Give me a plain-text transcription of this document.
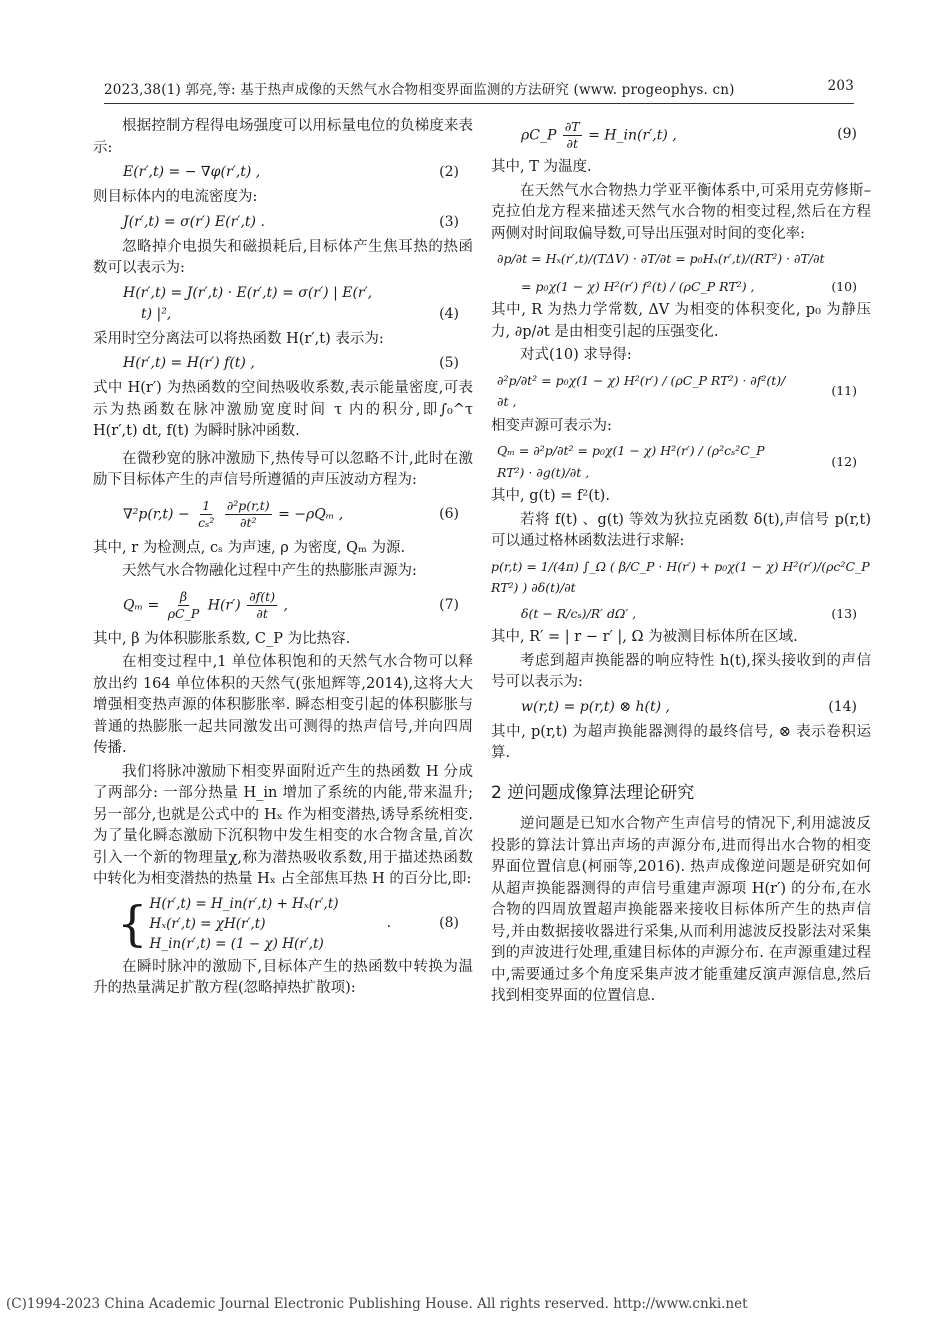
2023,38(1) 郭亮,等: 基于热声成像的天然气水合物相变界面监测的方法研究 (www. progeophys. cn)	203

根据控制方程得电场强度可以用标量电位的负梯度来表示:

E(r′,t) = − ∇φ(r′,t) ,	(2)

则目标体内的电流密度为:

J(r′,t) = σ(r′) E(r′,t) .	(3)

忽略掉介电损失和磁损耗后,目标体产生焦耳热的热函数可以表示为:

H(r′,t) = J(r′,t) · E(r′,t) = σ(r′) | E(r′,
t) |²,	(4)

采用时空分离法可以将热函数 H(r′,t) 表示为:

H(r′,t) = H(r′) f(t) ,	(5)

式中 H(r′) 为热函数的空间热吸收系数,表示能量密度,可表示为热函数在脉冲激励宽度时间 τ 内的积分,即∫₀^τ H(r′,t) dt, f(t) 为瞬时脉冲函数.

在微秒宽的脉冲激励下,热传导可以忽略不计,此时在激励下目标体产生的声信号所遵循的声压波动方程为:

$\nabla^2p(r,t) - \frac{1}{\text{cₛ²}}$
$\frac{\text{∂²p(r,t)}}{\text{∂t²}} = -\rho Q_m$ ,	(6)

其中, r 为检测点, cₛ 为声速, ρ 为密度, Qₘ 为源.

天然气水合物融化过程中产生的热膨胀声源为:

$Q_m = \frac{\beta}{\rho C\_P} H(r') \frac{\partial f(t)}{\partial t}$ ,	(7)

其中, β 为体积膨胀系数, C_P 为比热容.

在相变过程中,1 单位体积饱和的天然气水合物可以释放出约 164 单位体积的天然气(张旭辉等,2014),这将大大增强相变热声源的体积膨胀率. 瞬态相变引起的体积膨胀与普通的热膨胀一起共同激发出可测得的热声信号,并向四周传播.

我们将脉冲激励下相变界面附近产生的热函数 H 分成了两部分: 一部分热量 H_in 增加了系统的内能,带来温升; 另一部分,也就是公式中的 Hₓ 作为相变潜热,诱导系统相变. 为了量化瞬态激励下沉积物中发生相变的水合物含量,首次引入一个新的物理量χ,称为潜热吸收系数,用于描述热函数中转化为相变潜热的热量 Hₓ 占全部焦耳热 H 的百分比,即:

{ H(r′,t) = H_in(r′,t) + Hₓ(r′,t)
Hₓ(r′,t) = χH(r′,t)
H_in(r′,t) = (1 − χ) H(r′,t)
.	(8)

在瞬时脉冲的激励下,目标体产生的热函数中转换为温升的热量满足扩散方程(忽略掉热扩散项):

ρC_P $\frac{\partial T}{\partial t}$ = H_in(r′,t) ,	(9)

其中, T 为温度.

在天然气水合物热力学亚平衡体系中,可采用克劳修斯–克拉伯龙方程来描述天然气水合物的相变过程,然后在方程两侧对时间取偏导数,可导出压强对时间的变化率:

∂p/∂t = Hₓ(r′,t)/(TΔV) · ∂T/∂t = p₀Hₓ(r′,t)/(RT²) · ∂T/∂t
= p₀χ(1 − χ) H²(r′) f²(t) / (ρC_P RT²) ,	(10)

其中, R 为热力学常数, ΔV 为相变的体积变化, p₀ 为静压力, ∂p/∂t 是由相变引起的压强变化.

对式(10) 求导得:

∂²p/∂t² = p₀χ(1 − χ) H²(r′) / (ρC_P RT²) · ∂f²(t)/∂t ,
(11)

相变声源可表示为:

Qₘ = ∂²p/∂t² = p₀χ(1 − χ) H²(r′) / (ρ²cₛ²C_P RT²) · ∂g(t)/∂t ,
(12)

其中, g(t) = f²(t).

若将 f(t) 、g(t) 等效为狄拉克函数 δ(t),声信号 p(r,t) 可以通过格林函数法进行求解:

p(r,t) = 1/(4π) ∫_Ω ( β/C_P · H(r′) + p₀χ(1 − χ) H²(r′)/(ρc²C_P RT²) ) ∂δ(t)/∂t
δ(t − R/cₛ)/R′ dΩ′ ,	(13)

其中, R′ = | r − r′ |, Ω 为被测目标体所在区域.

考虑到超声换能器的响应特性 h(t),探头接收到的声信号可以表示为:

w(r,t) = p(r,t) ⊗ h(t) ,	(14)

其中, p(r,t) 为超声换能器测得的最终信号, ⊗ 表示卷积运算.

2 逆问题成像算法理论研究

逆问题是已知水合物产生声信号的情况下,利用滤波反投影的算法计算出声场的声源分布,进而得出水合物的相变界面位置信息(柯丽等,2016). 热声成像逆问题是研究如何从超声换能器测得的声信号重建声源项 H(r′) 的分布,在水合物的四周放置超声换能器来接收目标体所产生的热声信号,并由数据接收器进行采集,从而利用滤波反投影法对采集到的声波进行处理,重建目标体的声源分布. 在声源重建过程中,需要通过多个角度采集声波才能重建反演声源信息,然后找到相变界面的位置信息.

(C)1994-2023 China Academic Journal Electronic Publishing House. All rights reserved. http://www.cnki.net
